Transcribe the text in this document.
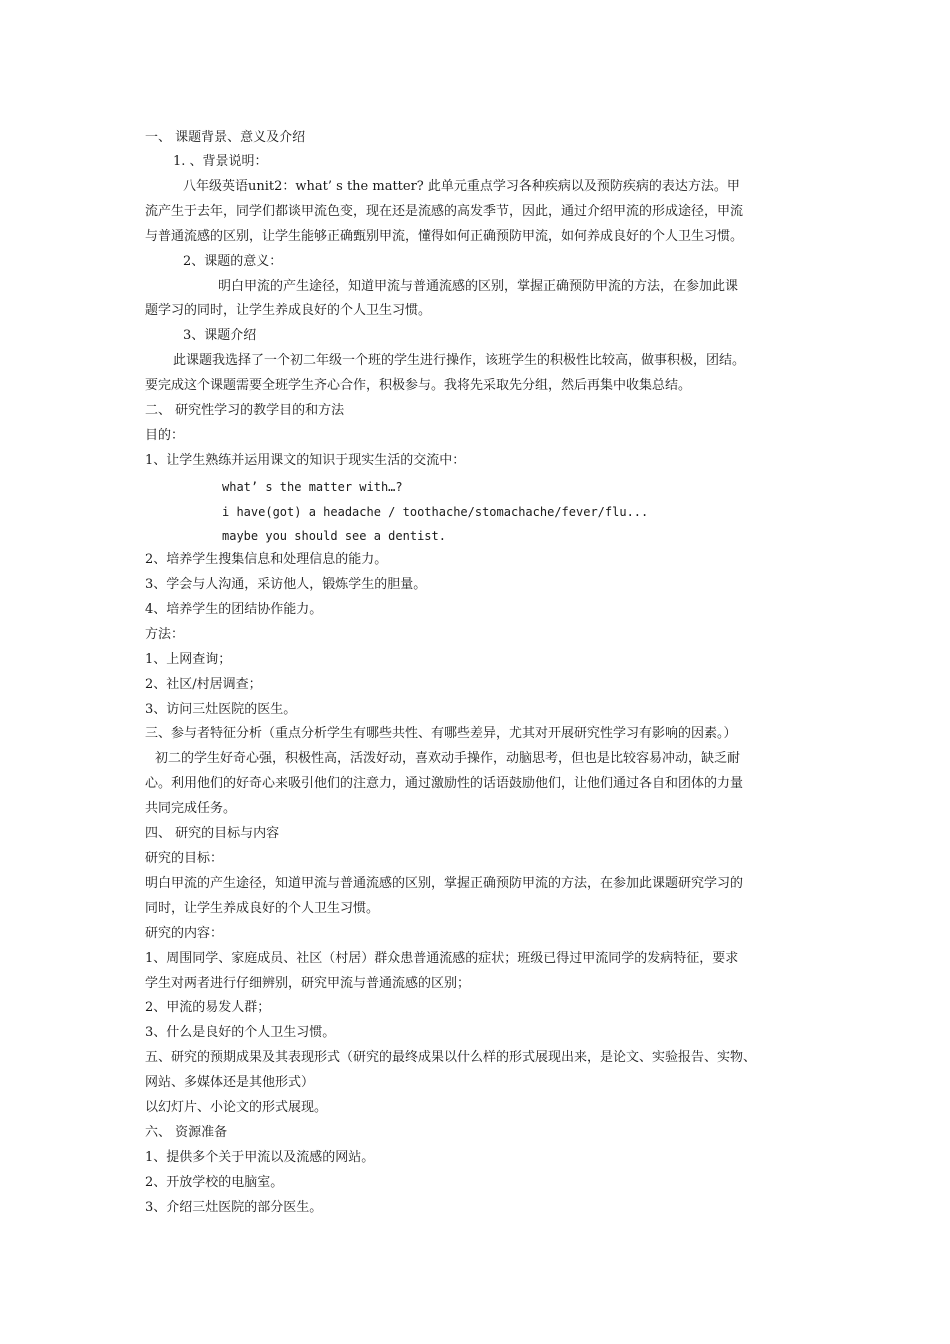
一、 课题背景、意义及介绍
1. 、背景说明：
八年级英语unit2：what’ s the matter? 此单元重点学习各种疾病以及预防疾病的表达方法。甲
流产生于去年，同学们都谈甲流色变，现在还是流感的高发季节，因此，通过介绍甲流的形成途径，甲流
与普通流感的区别，让学生能够正确甄别甲流，懂得如何正确预防甲流，如何养成良好的个人卫生习惯。
2、课题的意义：
明白甲流的产生途径，知道甲流与普通流感的区别，掌握正确预防甲流的方法，在参加此课
题学习的同时，让学生养成良好的个人卫生习惯。
3、课题介绍
此课题我选择了一个初二年级一个班的学生进行操作，该班学生的积极性比较高，做事积极，团结。
要完成这个课题需要全班学生齐心合作，积极参与。我将先采取先分组，然后再集中收集总结。
二、 研究性学习的教学目的和方法
目的：
1、让学生熟练并运用课文的知识于现实生活的交流中：
what’ s the matter with…?
i have(got) a headache / toothache/stomachache/fever/flu...
maybe you should see a dentist.
2、培养学生搜集信息和处理信息的能力。
3、学会与人沟通，采访他人，锻炼学生的胆量。
4、培养学生的团结协作能力。
方法：
1、上网查询；
2、社区/村居调查；
3、访问三灶医院的医生。
三、参与者特征分析（重点分析学生有哪些共性、有哪些差异，尤其对开展研究性学习有影响的因素。）
初二的学生好奇心强，积极性高，活泼好动，喜欢动手操作，动脑思考，但也是比较容易冲动，缺乏耐
心。利用他们的好奇心来吸引他们的注意力，通过激励性的话语鼓励他们，让他们通过各自和团体的力量
共同完成任务。
四、 研究的目标与内容
研究的目标：
明白甲流的产生途径，知道甲流与普通流感的区别，掌握正确预防甲流的方法，在参加此课题研究学习的
同时，让学生养成良好的个人卫生习惯。
研究的内容：
1、周围同学、家庭成员、社区（村居）群众患普通流感的症状；班级已得过甲流同学的发病特征，要求
学生对两者进行仔细辨别，研究甲流与普通流感的区别；
2、甲流的易发人群；
3、什么是良好的个人卫生习惯。
五、研究的预期成果及其表现形式（研究的最终成果以什么样的形式展现出来，是论文、实验报告、实物、
网站、多媒体还是其他形式）
以幻灯片、小论文的形式展现。
六、 资源准备
1、提供多个关于甲流以及流感的网站。
2、开放学校的电脑室。
3、介绍三灶医院的部分医生。
